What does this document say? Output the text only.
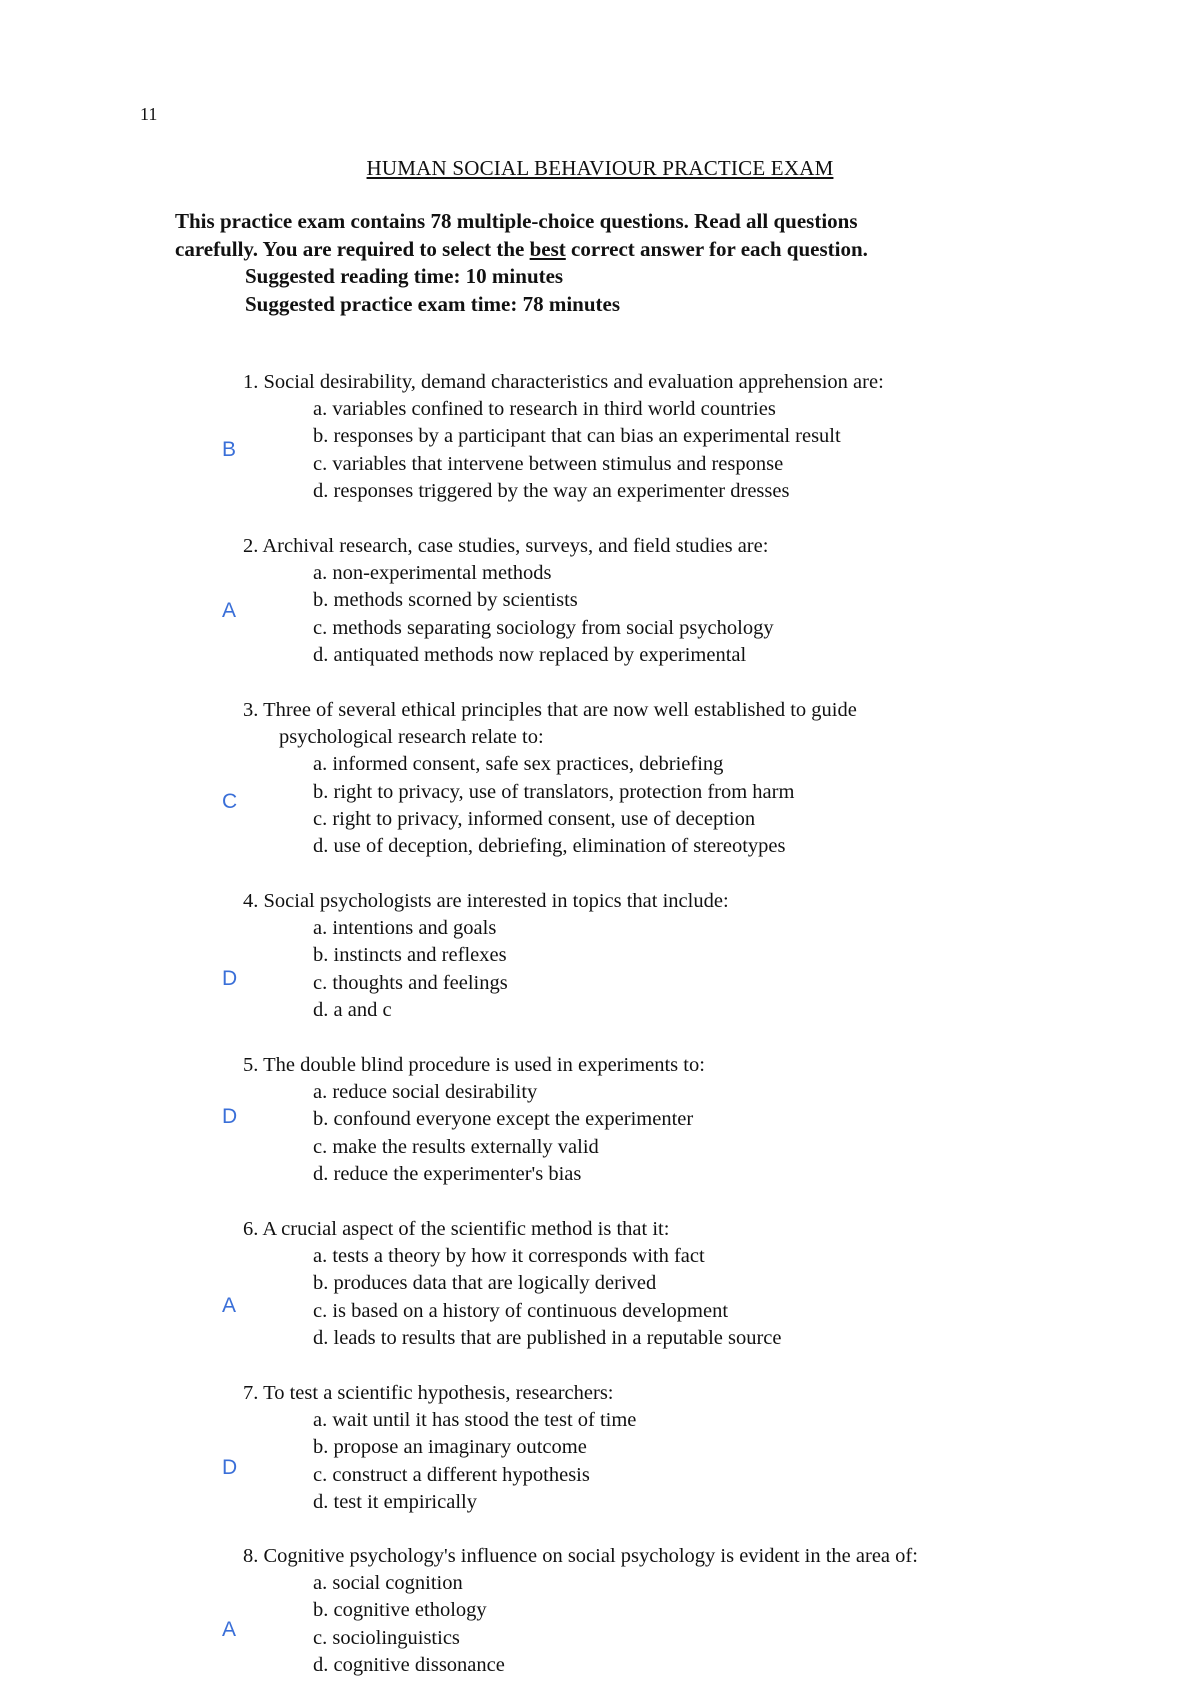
11
HUMAN SOCIAL BEHAVIOUR PRACTICE EXAM
This practice exam contains 78 multiple-choice questions. Read all questions
carefully. You are required to select the best correct answer for each question.
Suggested reading time: 10 minutes
Suggested practice exam time: 78 minutes
1. Social desirability, demand characteristics and evaluation apprehension are:
a. variables confined to research in third world countries
b. responses by a participant that can bias an experimental result
c. variables that intervene between stimulus and response
d. responses triggered by the way an experimenter dresses
B
2. Archival research, case studies, surveys, and field studies are:
a. non-experimental methods
b. methods scorned by scientists
c. methods separating sociology from social psychology
d. antiquated methods now replaced by experimental
A
3. Three of several ethical principles that are now well established to guide
psychological research relate to:
a. informed consent, safe sex practices, debriefing
b. right to privacy, use of translators, protection from harm
c. right to privacy, informed consent, use of deception
d. use of deception, debriefing, elimination of stereotypes
C
4. Social psychologists are interested in topics that include:
a. intentions and goals
b. instincts and reflexes
c. thoughts and feelings
d. a and c
D
5. The double blind procedure is used in experiments to:
a. reduce social desirability
b. confound everyone except the experimenter
c. make the results externally valid
d. reduce the experimenter's bias
D
6. A crucial aspect of the scientific method is that it:
a. tests a theory by how it corresponds with fact
b. produces data that are logically derived
c. is based on a history of continuous development
d. leads to results that are published in a reputable source
A
7. To test a scientific hypothesis, researchers:
a. wait until it has stood the test of time
b. propose an imaginary outcome
c. construct a different hypothesis
d. test it empirically
D
8. Cognitive psychology's influence on social psychology is evident in the area of:
a. social cognition
b. cognitive ethology
c. sociolinguistics
d. cognitive dissonance
A
